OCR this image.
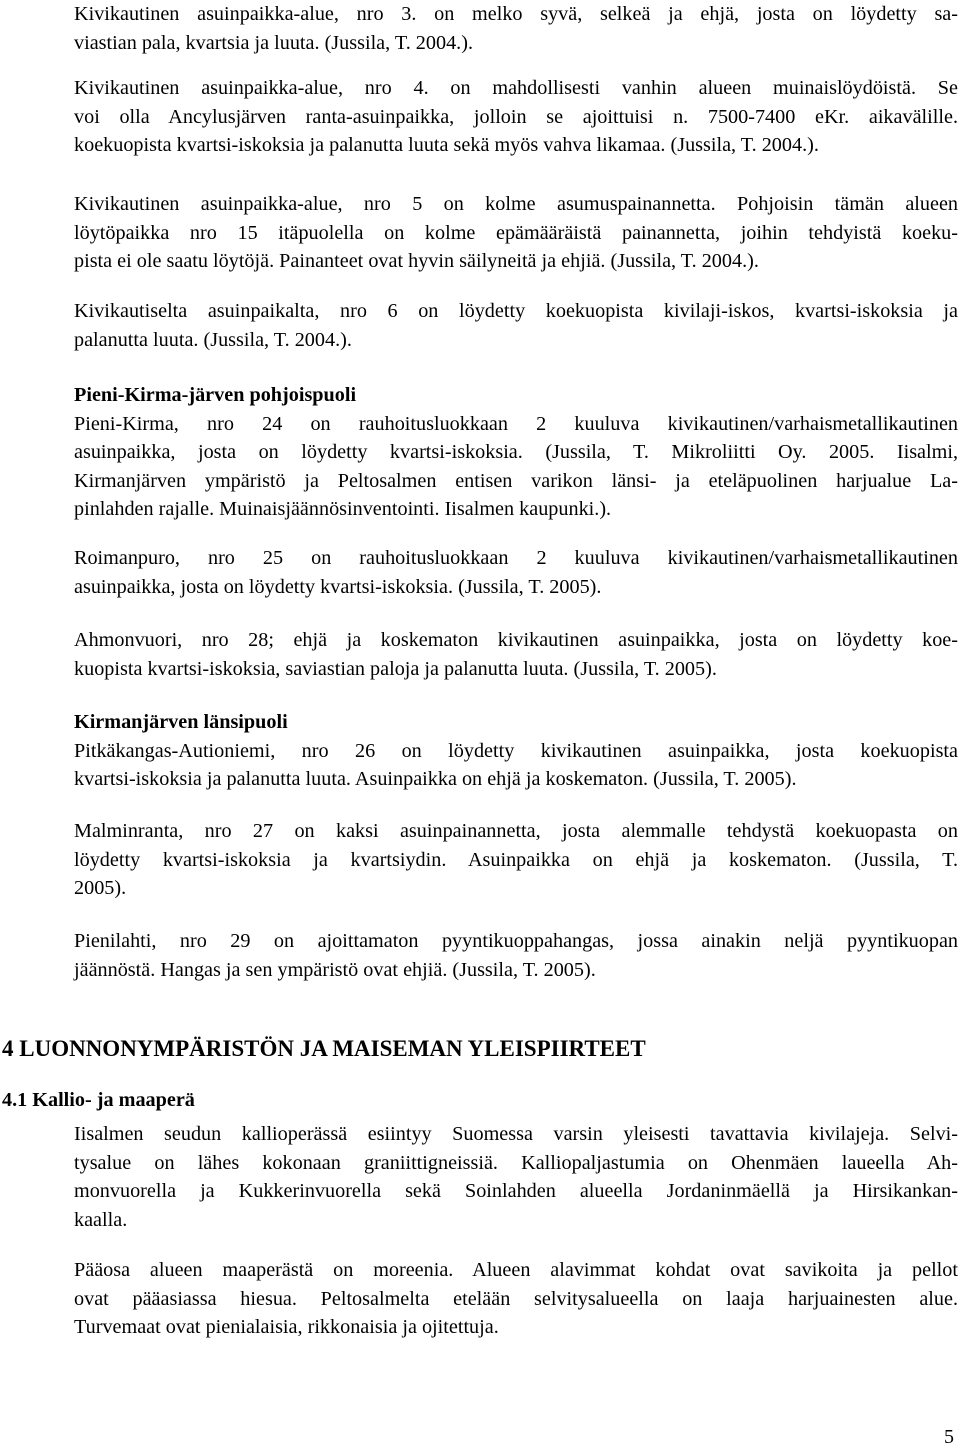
Kivikautinen asuinpaikka-alue, nro 3. on melko syvä, selkeä ja ehjä, josta on löydetty sa-
viastian pala, kvartsia ja luuta. (Jussila, T. 2004.).

Kivikautinen asuinpaikka-alue, nro 4. on mahdollisesti vanhin alueen muinaislöydöistä. Se
voi olla Ancylusjärven ranta-asuinpaikka, jolloin se ajoittuisi n. 7500-7400 eKr. aikavälille.
koekuopista kvartsi-iskoksia ja palanutta luuta sekä myös vahva likamaa. (Jussila, T. 2004.).

Kivikautinen asuinpaikka-alue, nro 5 on kolme asumuspainannetta. Pohjoisin tämän alueen
löytöpaikka nro 15 itäpuolella on kolme epämääräistä painannetta, joihin tehdyistä koeku-
pista ei ole saatu löytöjä. Painanteet ovat hyvin säilyneitä ja ehjiä. (Jussila, T. 2004.).

Kivikautiselta asuinpaikalta, nro 6 on löydetty koekuopista kivilaji-iskos, kvartsi-iskoksia ja
palanutta luuta. (Jussila, T. 2004.).

Pieni-Kirma-järven pohjoispuoli
Pieni-Kirma, nro 24 on rauhoitusluokkaan 2 kuuluva kivikautinen/varhaismetallikautinen
asuinpaikka, josta on löydetty kvartsi-iskoksia. (Jussila, T. Mikroliitti Oy. 2005. Iisalmi,
Kirmanjärven ympäristö ja Peltosalmen entisen varikon länsi- ja eteläpuolinen harjualue La-
pinlahden rajalle. Muinaisjäännösinventointi. Iisalmen kaupunki.).

Roimanpuro, nro 25 on rauhoitusluokkaan 2 kuuluva kivikautinen/varhaismetallikautinen
asuinpaikka, josta on löydetty kvartsi-iskoksia. (Jussila, T. 2005).

Ahmonvuori, nro 28; ehjä ja koskematon kivikautinen asuinpaikka, josta on löydetty koe-
kuopista kvartsi-iskoksia, saviastian paloja ja palanutta luuta. (Jussila, T. 2005).

Kirmanjärven länsipuoli
Pitkäkangas-Autioniemi, nro 26 on löydetty kivikautinen asuinpaikka, josta koekuopista
kvartsi-iskoksia ja palanutta luuta. Asuinpaikka on ehjä ja koskematon. (Jussila, T. 2005).

Malminranta, nro 27 on kaksi asuinpainannetta, josta alemmalle tehdystä koekuopasta on
löydetty kvartsi-iskoksia ja kvartsiydin. Asuinpaikka on ehjä ja koskematon. (Jussila, T.
2005).

Pienilahti, nro 29 on ajoittamaton pyyntikuoppahangas, jossa ainakin neljä pyyntikuopan
jäännöstä. Hangas ja sen ympäristö ovat ehjiä. (Jussila, T. 2005).

4 LUONNONYMPÄRISTÖN JA MAISEMAN YLEISPIIRTEET
4.1 Kallio- ja maaperä

Iisalmen seudun kallioperässä esiintyy Suomessa varsin yleisesti tavattavia kivilajeja. Selvi-
tysalue on lähes kokonaan graniittigneissiä. Kalliopaljastumia on Ohenmäen laueella Ah-
monvuorella ja Kukkerinvuorella sekä Soinlahden alueella Jordaninmäellä ja Hirsikankan-
kaalla.

Pääosa alueen maaperästä on moreenia. Alueen alavimmat kohdat ovat savikoita ja pellot
ovat pääasiassa hiesua. Peltosalmelta etelään selvitysalueella on laaja harjuainesten alue.
Turvemaat ovat pienialaisia, rikkonaisia ja ojitettuja.

5
